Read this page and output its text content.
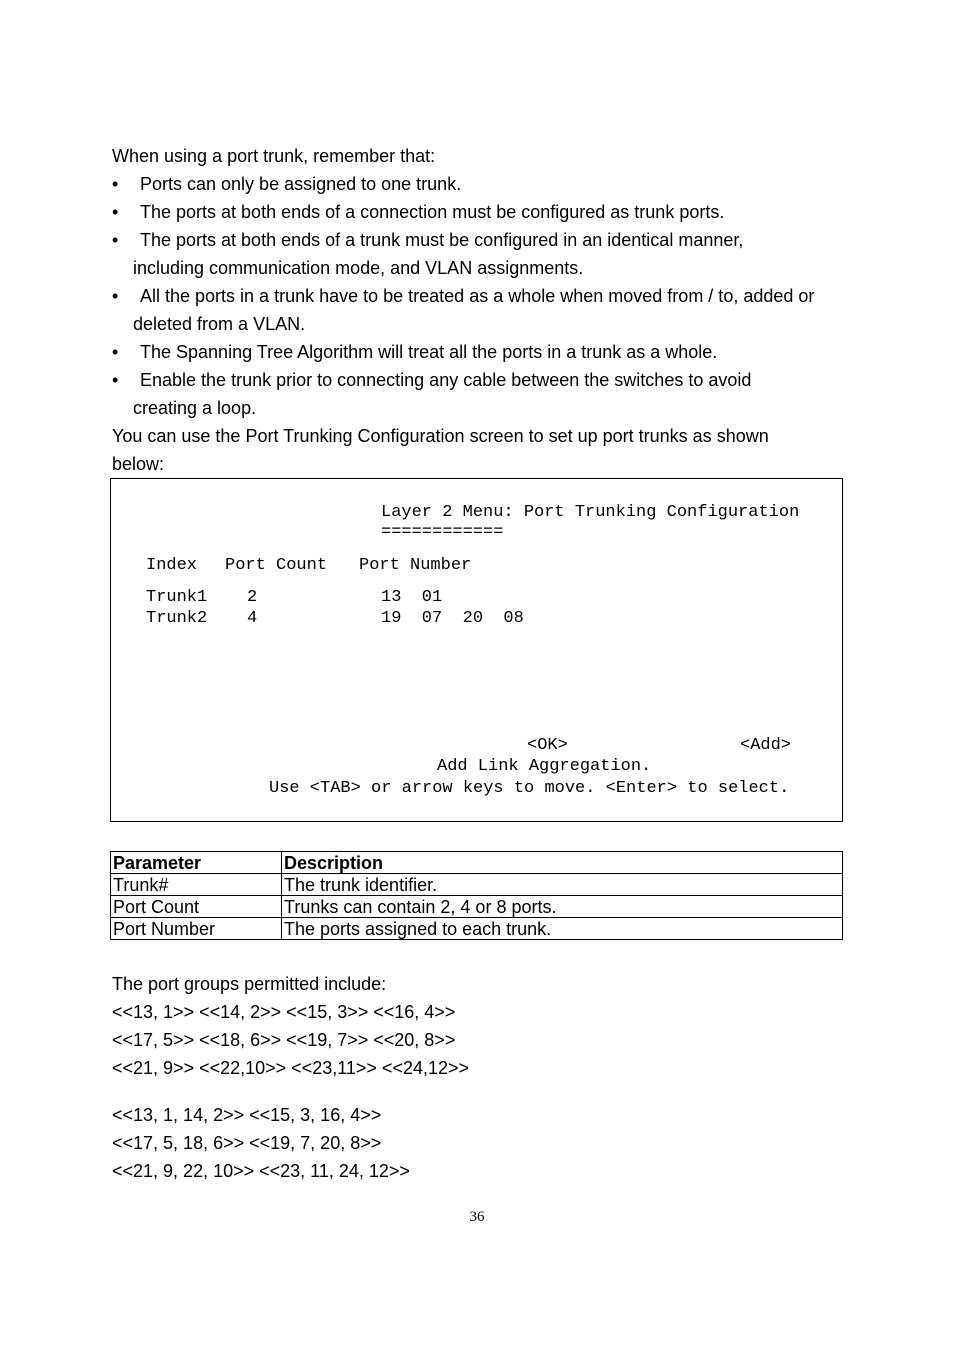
When using a port trunk, remember that:
• Ports can only be assigned to one trunk.
• The ports at both ends of a connection must be configured as trunk ports.
• The ports at both ends of a trunk must be configured in an identical manner,
including communication mode, and VLAN assignments.
• All the ports in a trunk have to be treated as a whole when moved from / to, added or
deleted from a VLAN.
• The Spanning Tree Algorithm will treat all the ports in a trunk as a whole.
• Enable the trunk prior to connecting any cable between the switches to avoid
creating a loop.
You can use the Port Trunking Configuration screen to set up port trunks as shown
below:
Layer 2 Menu: Port Trunking Configuration
============
Index Port Count Port Number
Trunk1 2	13  01
Trunk2 4	19  07  20  08
<OK>	<Add>
Add Link Aggregation.
Use <TAB> or arrow keys to move. <Enter> to select.
Parameter	Description
Trunk#	The trunk identifier.
Port Count	Trunks can contain 2, 4 or 8 ports.
Port Number	The ports assigned to each trunk.
The port groups permitted include:
<<13, 1>> <<14, 2>> <<15, 3>> <<16, 4>>
<<17, 5>> <<18, 6>> <<19, 7>> <<20, 8>>
<<21, 9>> <<22,10>> <<23,11>> <<24,12>>
<<13, 1, 14, 2>> <<15, 3, 16, 4>>
<<17, 5, 18, 6>> <<19, 7, 20, 8>>
<<21, 9, 22, 10>> <<23, 11, 24, 12>>
36
